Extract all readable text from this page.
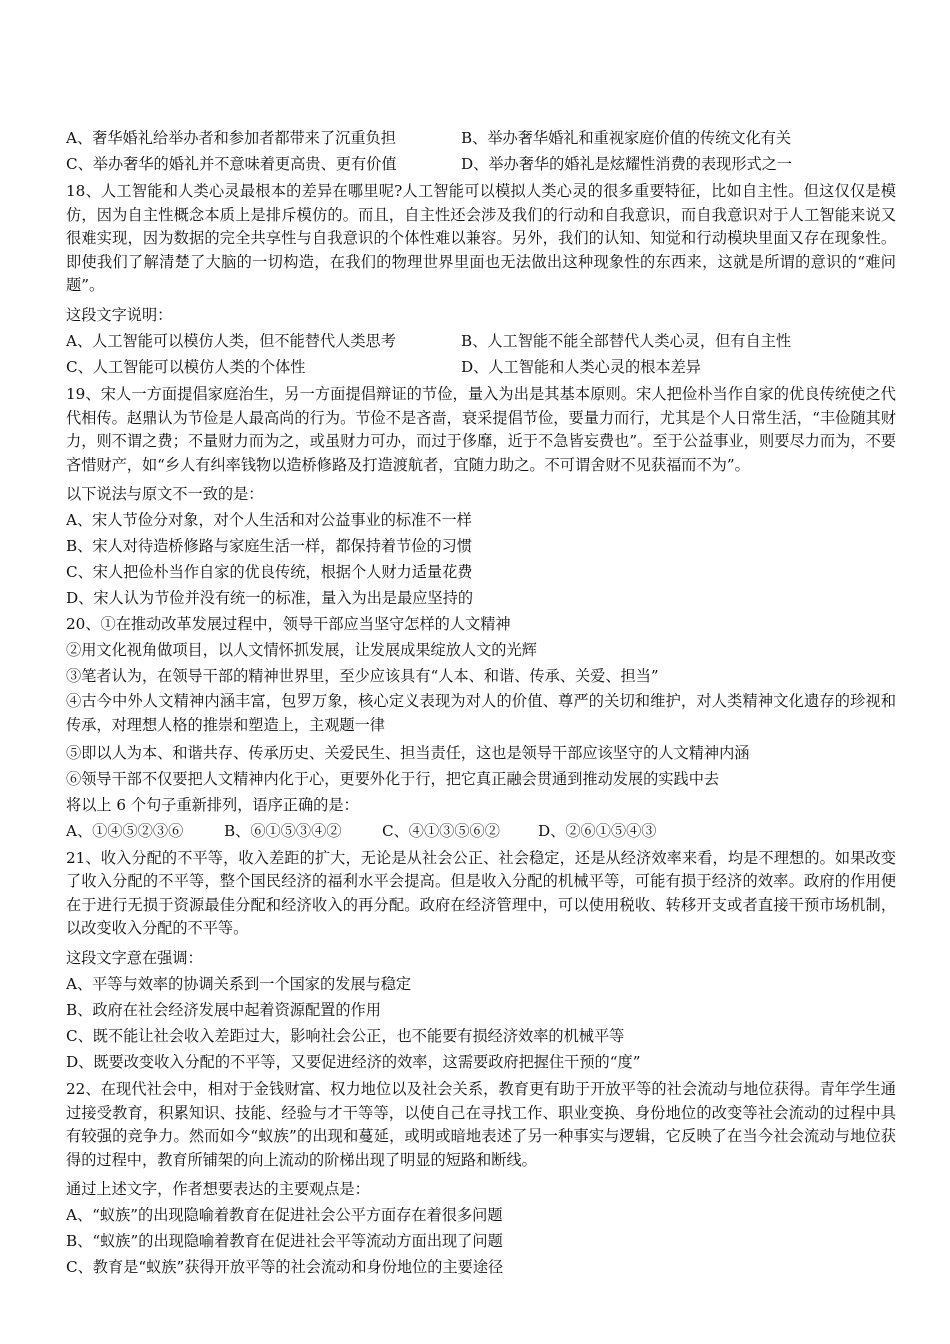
A、奢华婚礼给举办者和参加者都带来了沉重负担	B、举办奢华婚礼和重视家庭价值的传统文化有关
C、举办奢华的婚礼并不意味着更高贵、更有价值	D、举办奢华的婚礼是炫耀性消费的表现形式之一
18、人工智能和人类心灵最根本的差异在哪里呢?人工智能可以模拟人类心灵的很多重要特征，比如自主性。但这仅仅是模仿，因为自主性概念本质上是排斥模仿的。而且，自主性还会涉及我们的行动和自我意识，而自我意识对于人工智能来说又很难实现，因为数据的完全共享性与自我意识的个体性难以兼容。另外，我们的认知、知觉和行动模块里面又存在现象性。即使我们了解清楚了大脑的一切构造，在我们的物理世界里面也无法做出这种现象性的东西来，这就是所谓的意识的“难问题”。
这段文字说明：
A、人工智能可以模仿人类，但不能替代人类思考	B、人工智能不能全部替代人类心灵，但有自主性
C、人工智能可以模仿人类的个体性	D、人工智能和人类心灵的根本差异
19、宋人一方面提倡家庭治生，另一方面提倡辩证的节俭，量入为出是其基本原则。宋人把俭朴当作自家的优良传统使之代代相传。赵鼎认为节俭是人最高尚的行为。节俭不是吝啬，衰采提倡节俭，要量力而行，尤其是个人日常生活，“丰俭随其财力，则不谓之费；不量财力而为之，或虽财力可办，而过于侈靡，近于不急皆妄费也”。至于公益事业，则要尽力而为，不要吝惜财产，如“乡人有纠率钱物以造桥修路及打造渡航者，宜随力助之。不可谓舍财不见获福而不为”。
以下说法与原文不一致的是：
A、宋人节俭分对象，对个人生活和对公益事业的标准不一样
B、宋人对待造桥修路与家庭生活一样，都保持着节俭的习惯
C、宋人把俭朴当作自家的优良传统，根据个人财力适量花费
D、宋人认为节俭并没有统一的标准，量入为出是最应坚持的
20、①在推动改革发展过程中，领导干部应当坚守怎样的人文精神
②用文化视角做项目，以人文情怀抓发展，让发展成果绽放人文的光辉
③笔者认为，在领导干部的精神世界里，至少应该具有“人本、和谐、传承、关爱、担当”
④古今中外人文精神内涵丰富，包罗万象，核心定义表现为对人的价值、尊严的关切和维护，对人类精神文化遗存的珍视和传承，对理想人格的推崇和塑造上，主观题一律
⑤即以人为本、和谐共存、传承历史、关爱民生、担当责任，这也是领导干部应该坚守的人文精神内涵
⑥领导干部不仅要把人文精神内化于心，更要外化于行，把它真正融会贯通到推动发展的实践中去
将以上 6 个句子重新排列，语序正确的是：
A、①④⑤②③⑥	B、⑥①⑤③④②	C、④①③⑤⑥②	D、②⑥①⑤④③
21、收入分配的不平等，收入差距的扩大，无论是从社会公正、社会稳定，还是从经济效率来看，均是不理想的。如果改变了收入分配的不平等，整个国民经济的福利水平会提高。但是收入分配的机械平等，可能有损于经济的效率。政府的作用便在于进行无损于资源最佳分配和经济收入的再分配。政府在经济管理中，可以使用税收、转移开支或者直接干预市场机制，以改变收入分配的不平等。
这段文字意在强调：
A、平等与效率的协调关系到一个国家的发展与稳定
B、政府在社会经济发展中起着资源配置的作用
C、既不能让社会收入差距过大，影响社会公正，也不能要有损经济效率的机械平等
D、既要改变收入分配的不平等，又要促进经济的效率，这需要政府把握住干预的“度”
22、在现代社会中，相对于金钱财富、权力地位以及社会关系，教育更有助于开放平等的社会流动与地位获得。青年学生通过接受教育，积累知识、技能、经验与才干等等，以使自己在寻找工作、职业变换、身份地位的改变等社会流动的过程中具有较强的竞争力。然而如今“蚁族”的出现和蔓延，或明或暗地表述了另一种事实与逻辑，它反映了在当今社会流动与地位获得的过程中，教育所铺架的向上流动的阶梯出现了明显的短路和断线。
通过上述文字，作者想要表达的主要观点是：
A、“蚁族”的出现隐喻着教育在促进社会公平方面存在着很多问题
B、“蚁族”的出现隐喻着教育在促进社会平等流动方面出现了问题
C、教育是“蚁族”获得开放平等的社会流动和身份地位的主要途径
